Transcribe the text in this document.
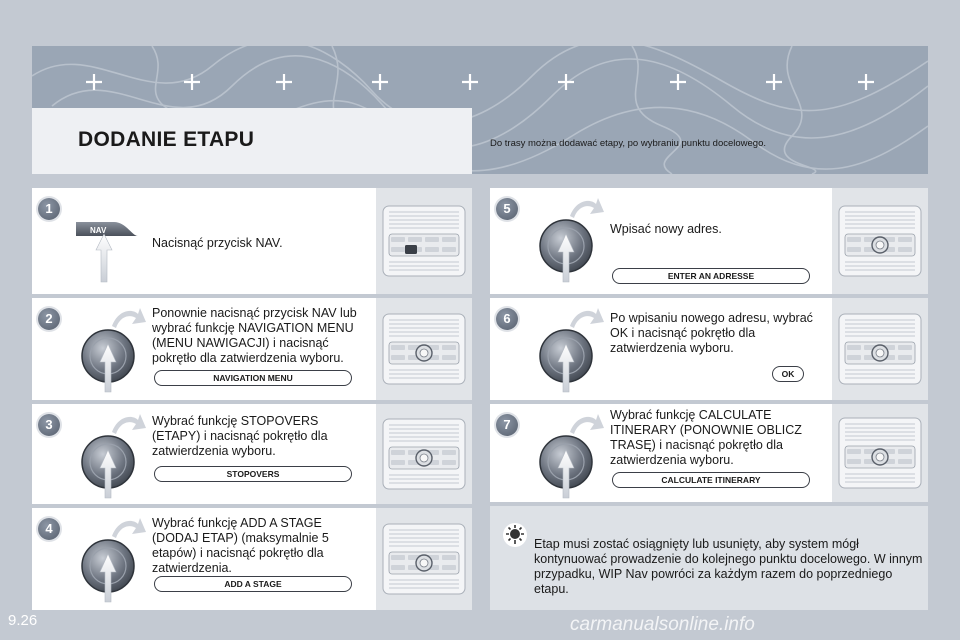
DODANIE ETAPU	Do trasy można dodawać etapy, po wybraniu punktu docelowego.
1
NAV
Nacisnąć przycisk NAV.
2	Ponownie nacisnąć przycisk NAV lub wybrać funkcję NAVIGATION MENU (MENU NAWIGACJI) i nacisnąć pokrętło dla zatwierdzenia wyboru.
NAVIGATION MENU
3	Wybrać funkcję STOPOVERS (ETAPY) i nacisnąć pokrętło dla zatwierdzenia wyboru.
STOPOVERS
4	Wybrać funkcję ADD A STAGE (DODAJ ETAP) (maksymalnie 5 etapów) i nacisnąć pokrętło dla zatwierdzenia.
ADD A STAGE
5
Wpisać nowy adres.
ENTER AN ADRESSE
6	Po wpisaniu nowego adresu, wybrać OK i nacisnąć pokrętło dla zatwierdzenia wyboru.
OK
7
Wybrać funkcję CALCULATE ITINERARY (PONOWNIE OBLICZ TRASĘ) i nacisnąć pokrętło dla zatwierdzenia wyboru.
CALCULATE ITINERARY
Etap musi zostać osiągnięty lub usunięty, aby system mógł kontynuować prowadzenie do kolejnego punktu docelowego. W innym przypadku, WIP Nav powróci za każdym razem do poprzedniego etapu.
9.26	carmanualsonline.info
